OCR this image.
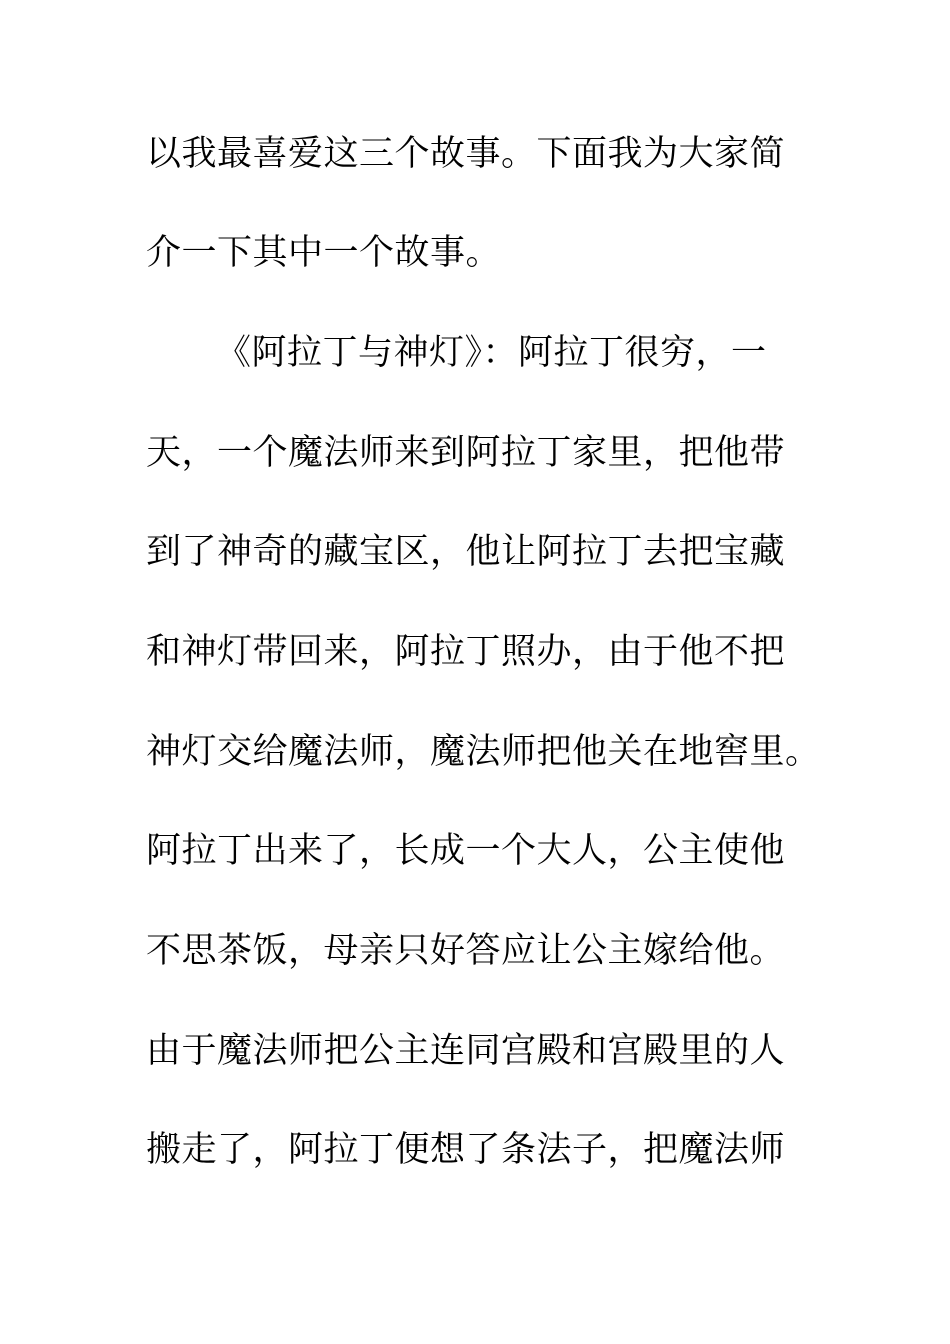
以我最喜爱这三个故事。下面我为大家简
介一下其中一个故事。
《阿拉丁与神灯》：阿拉丁很穷，一
天，一个魔法师来到阿拉丁家里，把他带
到了神奇的藏宝区，他让阿拉丁去把宝藏
和神灯带回来，阿拉丁照办，由于他不把
神灯交给魔法师，魔法师把他关在地窖里。
阿拉丁出来了，长成一个大人，公主使他
不思茶饭，母亲只好答应让公主嫁给他。
由于魔法师把公主连同宫殿和宫殿里的人
搬走了，阿拉丁便想了条法子，把魔法师
